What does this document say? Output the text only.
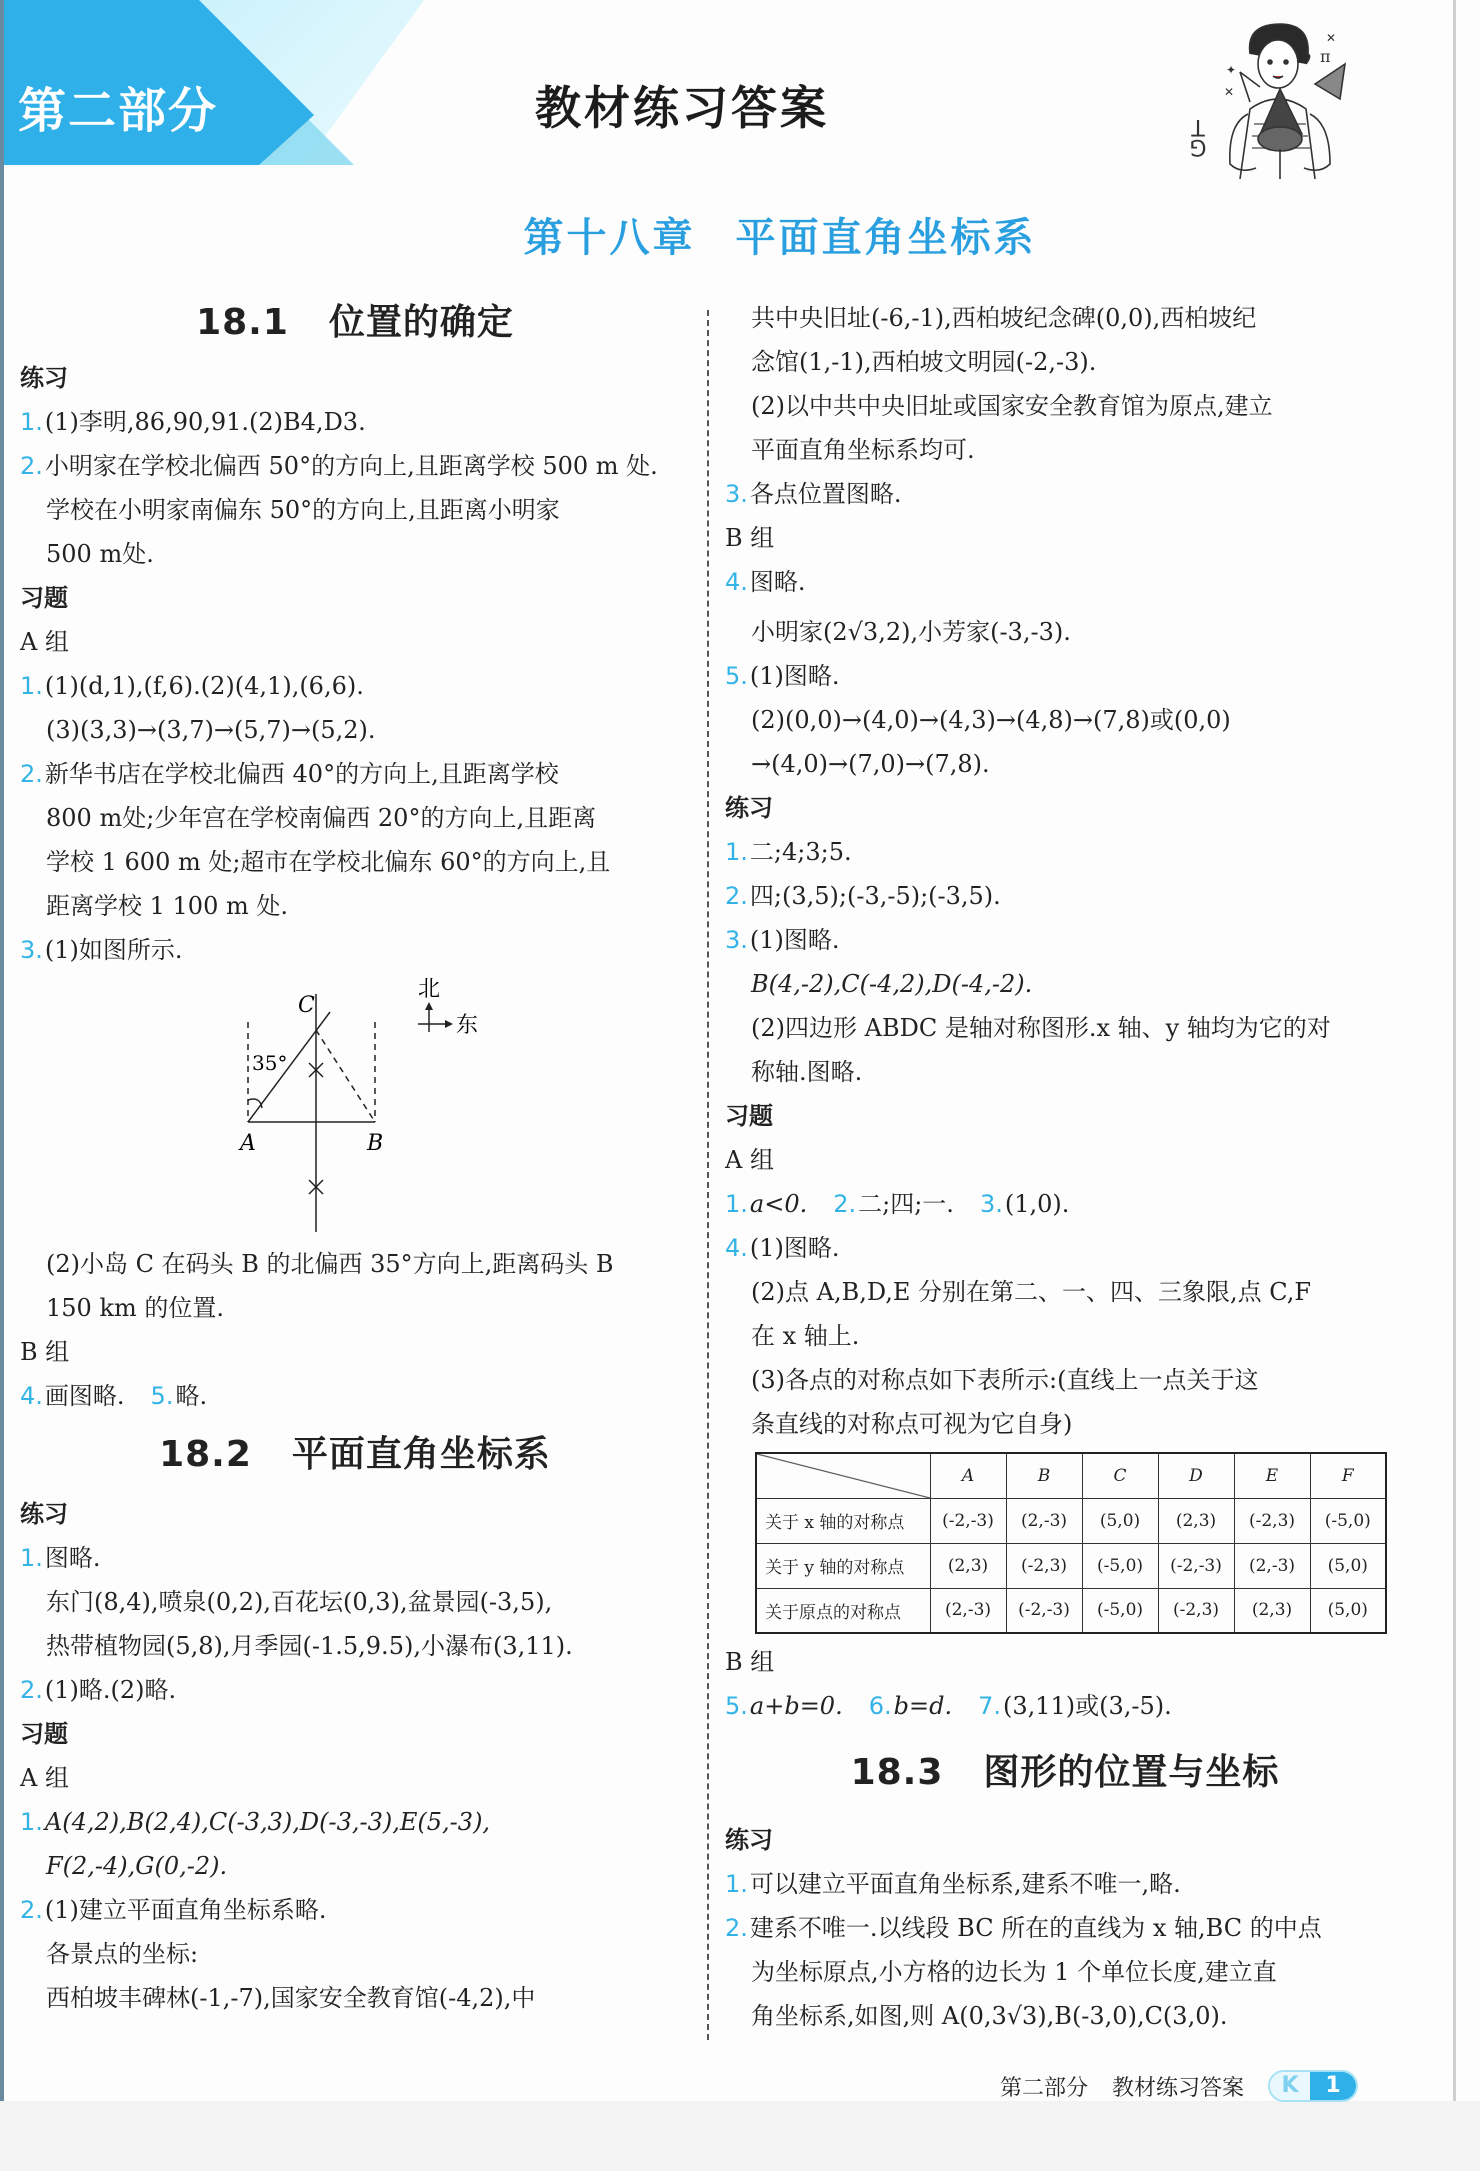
第二部分	教材练习答案
π
✦
✕
✕
G
T
第十八章 平面直角坐标系
18.1 位置的确定
练习
1.(1)李明,86,90,91.(2)B4,D3.
2.小明家在学校北偏西 50°的方向上,且距离学校 500 m 处.
学校在小明家南偏东 50°的方向上,且距离小明家
500 m处.
习题
A 组
1.(1)(d,1),(f,6).(2)(4,1),(6,6).
(3)(3,3)→(3,7)→(5,7)→(5,2).
2.新华书店在学校北偏西 40°的方向上,且距离学校
800 m处;少年宫在学校南偏西 20°的方向上,且距离
学校 1 600 m 处;超市在学校北偏东 60°的方向上,且
距离学校 1 100 m 处.
3.(1)如图所示.
C
A	B
35°
北
东
(2)小岛 C 在码头 B 的北偏西 35°方向上,距离码头 B
150 km 的位置.
B 组
4.画图略. 5.略.
18.2 平面直角坐标系
练习
1.图略.
东门(8,4),喷泉(0,2),百花坛(0,3),盆景园(-3,5),
热带植物园(5,8),月季园(-1.5,9.5),小瀑布(3,11).
2.(1)略.(2)略.
习题
A 组
1.A(4,2),B(2,4),C(-3,3),D(-3,-3),E(5,-3),
F(2,-4),G(0,-2).
2.(1)建立平面直角坐标系略.
各景点的坐标:
西柏坡丰碑林(-1,-7),国家安全教育馆(-4,2),中
共中央旧址(-6,-1),西柏坡纪念碑(0,0),西柏坡纪
念馆(1,-1),西柏坡文明园(-2,-3).
(2)以中共中央旧址或国家安全教育馆为原点,建立
平面直角坐标系均可.
3.各点位置图略.
B 组
4.图略.
小明家(2√3,2),小芳家(-3,-3).
5.(1)图略.
(2)(0,0)→(4,0)→(4,3)→(4,8)→(7,8)或(0,0)
→(4,0)→(7,0)→(7,8).
练习
1.二;4;3;5.
2.四;(3,5);(-3,-5);(-3,5).
3.(1)图略.
B(4,-2),C(-4,2),D(-4,-2).
(2)四边形 ABDC 是轴对称图形.x 轴、y 轴均为它的对
称轴.图略.
习题
A 组
1.a<0. 2.二;四;一. 3.(1,0).
4.(1)图略.
(2)点 A,B,D,E 分别在第二、一、四、三象限,点 C,F
在 x 轴上.
(3)各点的对称点如下表所示:(直线上一点关于这
条直线的对称点可视为它自身)
	A	B	C	D	E	F
关于 x 轴的对称点	(-2,-3)	(2,-3)	(5,0)	(2,3)	(-2,3)	(-5,0)
关于 y 轴的对称点	(2,3)	(-2,3)	(-5,0)	(-2,-3)	(2,-3)	(5,0)
关于原点的对称点	(2,-3)	(-2,-3)	(-5,0)	(-2,3)	(2,3)	(5,0)
B 组
5.a+b=0. 6.b=d. 7.(3,11)或(3,-5).
18.3 图形的位置与坐标
练习
1.可以建立平面直角坐标系,建系不唯一,略.
2.建系不唯一.以线段 BC 所在的直线为 x 轴,BC 的中点
为坐标原点,小方格的边长为 1 个单位长度,建立直
角坐标系,如图,则 A(0,3√3),B(-3,0),C(3,0).
第二部分 教材练习答案	K	1
